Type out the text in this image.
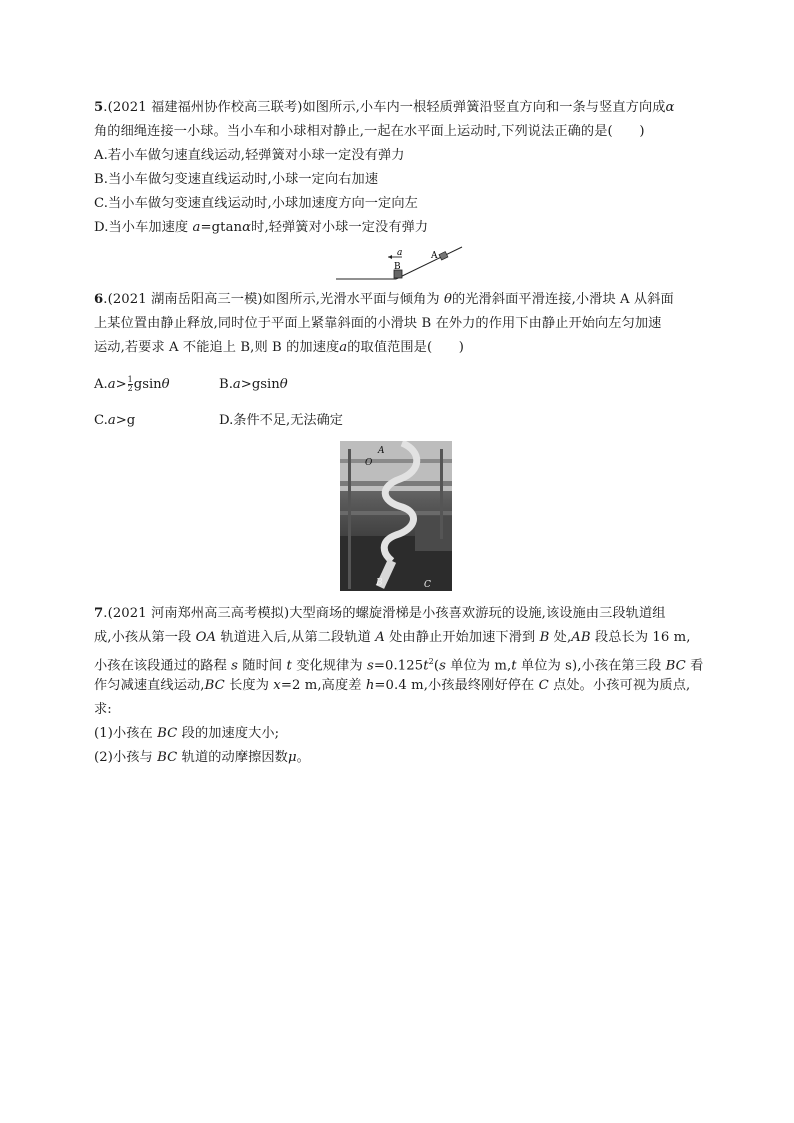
5.(2021 福建福州协作校高三联考)如图所示,小车内一根轻质弹簧沿竖直方向和一条与竖直方向成α
角的细绳连接一小球。当小车和小球相对静止,一起在水平面上运动时,下列说法正确的是(　　)
A.若小车做匀速直线运动,轻弹簧对小球一定没有弹力
B.当小车做匀变速直线运动时,小球一定向右加速
C.当小车做匀变速直线运动时,小球加速度方向一定向左
D.当小车加速度 a=gtanα时,轻弹簧对小球一定没有弹力
a
B
A
6.(2021 湖南岳阳高三一模)如图所示,光滑水平面与倾角为 θ的光滑斜面平滑连接,小滑块 A 从斜面
上某位置由静止释放,同时位于平面上紧靠斜面的小滑块 B 在外力的作用下由静止开始向左匀加速
运动,若要求 A 不能追上 B,则 B 的加速度a的取值范围是(　　)
$A.a> \frac{1}{2}$ gsinθ	B.a>gsinθ
C.a>g	D.条件不足,无法确定
A
O
B	C
7.(2021 河南郑州高三高考模拟)大型商场的螺旋滑梯是小孩喜欢游玩的设施,该设施由三段轨道组
成,小孩从第一段 OA 轨道进入后,从第二段轨道 A 处由静止开始加速下滑到 B 处,AB 段总长为 16 m,
小孩在该段通过的路程 s 随时间 t 变化规律为 $s=0.125t^2(s$ 单位为 m,t 单位为 s),小孩在第三段 BC 看
作匀减速直线运动,BC 长度为 x=2 m,高度差 h=0.4 m,小孩最终刚好停在 C 点处。小孩可视为质点,
求:
(1)小孩在 BC 段的加速度大小;
(2)小孩与 BC 轨道的动摩擦因数μ。
